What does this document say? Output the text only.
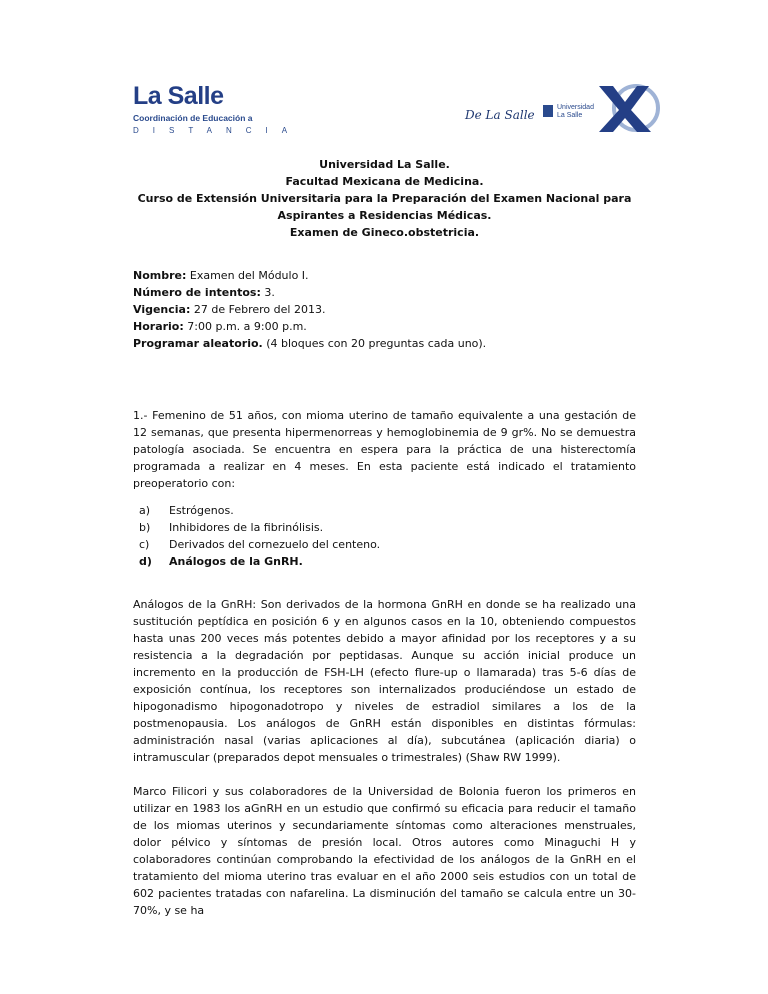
La Salle
Coordinación de Educación a
DISTANCIA
De La Salle
Universidad
La Salle
Universidad La Salle.
Facultad Mexicana de Medicina.
Curso de Extensión Universitaria para la Preparación del Examen Nacional para
Aspirantes a Residencias Médicas.
Examen de Gineco.obstetricia.

Nombre: Examen del Módulo I.

Número de intentos: 3.

Vigencia: 27 de Febrero del 2013.

Horario: 7:00 p.m. a 9:00 p.m.

Programar aleatorio. (4 bloques con 20 preguntas cada uno).

1.- Femenino de 51 años, con mioma uterino de tamaño equivalente a una gestación de 12 semanas, que presenta hipermenorreas y hemoglobinemia de 9 gr%. No se demuestra patología asociada. Se encuentra en espera para la práctica de una histerectomía programada a realizar en 4 meses. En esta paciente está indicado el tratamiento preoperatorio con:

a) Estrógenos.
b) Inhibidores de la fibrinólisis.
c) Derivados del cornezuelo del centeno.
d) Análogos de la GnRH.

Análogos de la GnRH: Son derivados de la hormona GnRH en donde se ha realizado una sustitución peptídica en posición 6 y en algunos casos en la 10, obteniendo compuestos hasta unas 200 veces más potentes debido a mayor afinidad por los receptores y a su resistencia a la degradación por peptidasas. Aunque su acción inicial produce un incremento en la producción de FSH-LH (efecto flure-up o llamarada) tras 5-6 días de exposición contínua, los receptores son internalizados produciéndose un estado de hipogonadismo hipogonadotropo y niveles de estradiol similares a los de la postmenopausia. Los análogos de GnRH están disponibles en distintas fórmulas: administración nasal (varias aplicaciones al día), subcutánea (aplicación diaria) o intramuscular (preparados depot mensuales o trimestrales) (Shaw RW 1999).

Marco Filicori y sus colaboradores de la Universidad de Bolonia fueron los primeros en utilizar en 1983 los aGnRH en un estudio que confirmó su eficacia para reducir el tamaño de los miomas uterinos y secundariamente síntomas como alteraciones menstruales, dolor pélvico y síntomas de presión local. Otros autores como Minaguchi H y colaboradores continúan comprobando la efectividad de los análogos de la GnRH en el tratamiento del mioma uterino tras evaluar en el año 2000 seis estudios con un total de 602 pacientes tratadas con nafarelina. La disminución del tamaño se calcula entre un 30-70%, y se ha
